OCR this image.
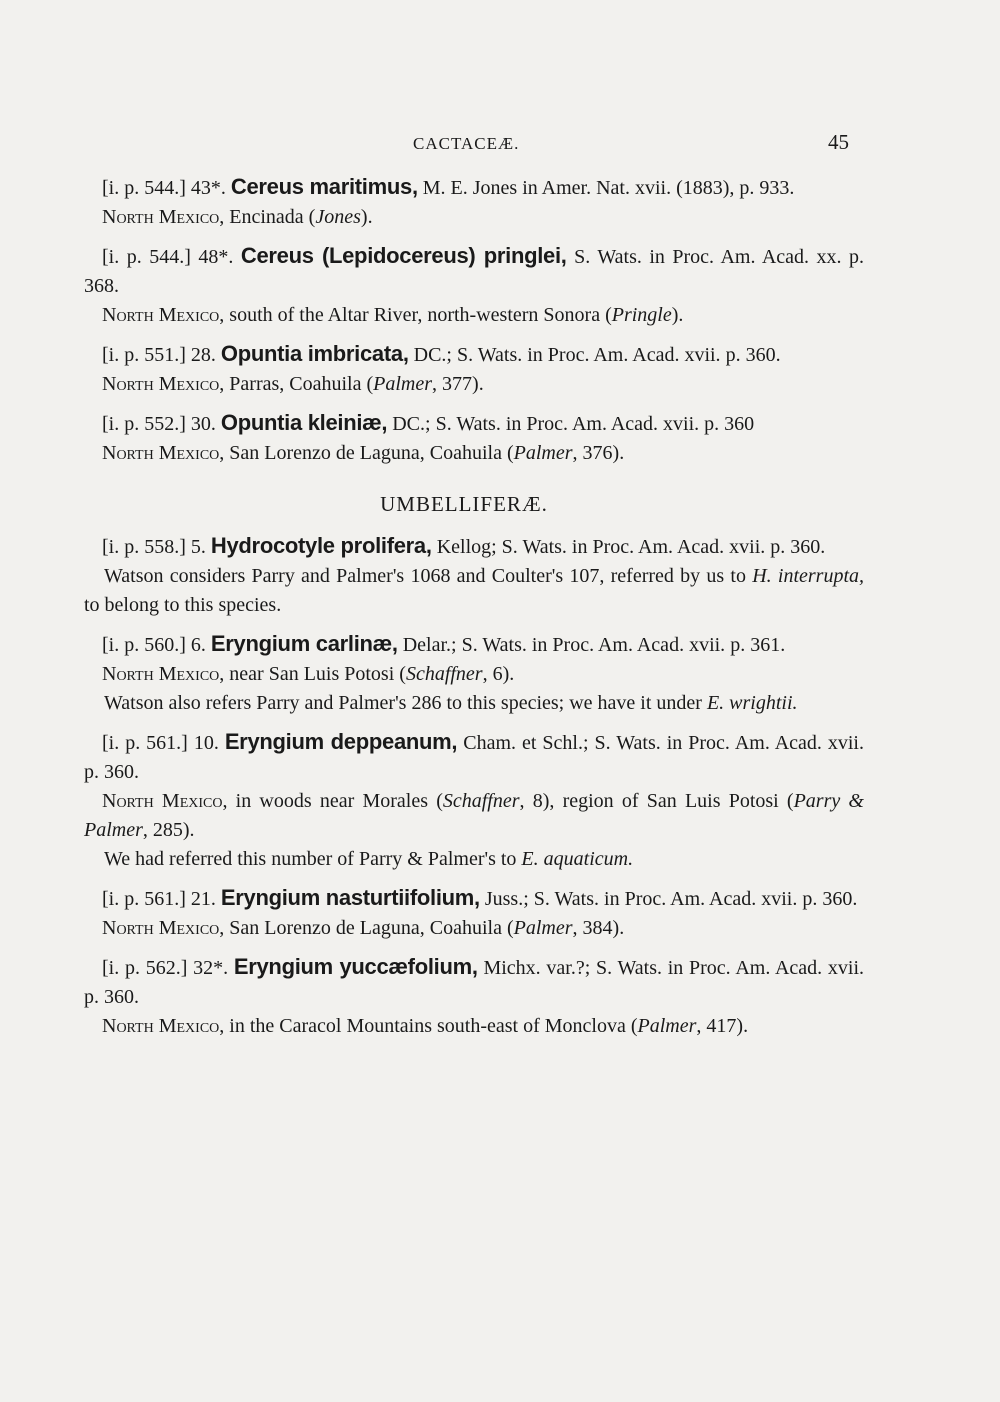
CACTACEÆ.	45

[i. p. 544.] 43*. Cereus maritimus, M. E. Jones in Amer. Nat. xvii. (1883), p. 933.

North Mexico, Encinada (Jones).

[i. p. 544.] 48*. Cereus (Lepidocereus) pringlei, S. Wats. in Proc. Am. Acad. xx. p. 368.

North Mexico, south of the Altar River, north-western Sonora (Pringle).

[i. p. 551.] 28. Opuntia imbricata, DC.; S. Wats. in Proc. Am. Acad. xvii. p. 360.

North Mexico, Parras, Coahuila (Palmer, 377).

[i. p. 552.] 30. Opuntia kleiniæ, DC.; S. Wats. in Proc. Am. Acad. xvii. p. 360

North Mexico, San Lorenzo de Laguna, Coahuila (Palmer, 376).

UMBELLIFERÆ.

[i. p. 558.] 5. Hydrocotyle prolifera, Kellog; S. Wats. in Proc. Am. Acad. xvii. p. 360.

Watson considers Parry and Palmer's 1068 and Coulter's 107, referred by us to H. interrupta, to belong to this species.

[i. p. 560.] 6. Eryngium carlinæ, Delar.; S. Wats. in Proc. Am. Acad. xvii. p. 361.

North Mexico, near San Luis Potosi (Schaffner, 6).

Watson also refers Parry and Palmer's 286 to this species; we have it under E. wrightii.

[i. p. 561.] 10. Eryngium deppeanum, Cham. et Schl.; S. Wats. in Proc. Am. Acad. xvii. p. 360.

North Mexico, in woods near Morales (Schaffner, 8), region of San Luis Potosi (Parry & Palmer, 285).

We had referred this number of Parry & Palmer's to E. aquaticum.

[i. p. 561.] 21. Eryngium nasturtiifolium, Juss.; S. Wats. in Proc. Am. Acad. xvii. p. 360.

North Mexico, San Lorenzo de Laguna, Coahuila (Palmer, 384).

[i. p. 562.] 32*. Eryngium yuccæfolium, Michx. var.?; S. Wats. in Proc. Am. Acad. xvii. p. 360.

North Mexico, in the Caracol Mountains south-east of Monclova (Palmer, 417).
